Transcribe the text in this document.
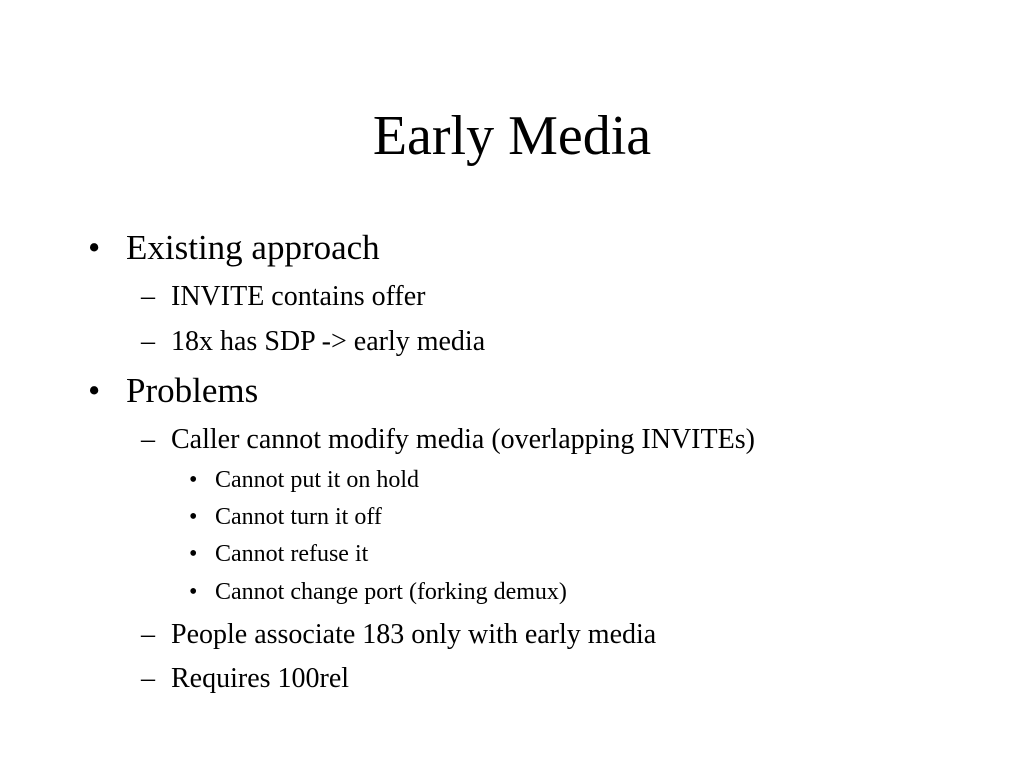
Early Media
• Existing approach
– INVITE contains offer
– 18x has SDP -> early media
• Problems
– Caller cannot modify media (overlapping INVITEs)
• Cannot put it on hold
• Cannot turn it off
• Cannot refuse it
• Cannot change port (forking demux)
– People associate 183 only with early media
– Requires 100rel
